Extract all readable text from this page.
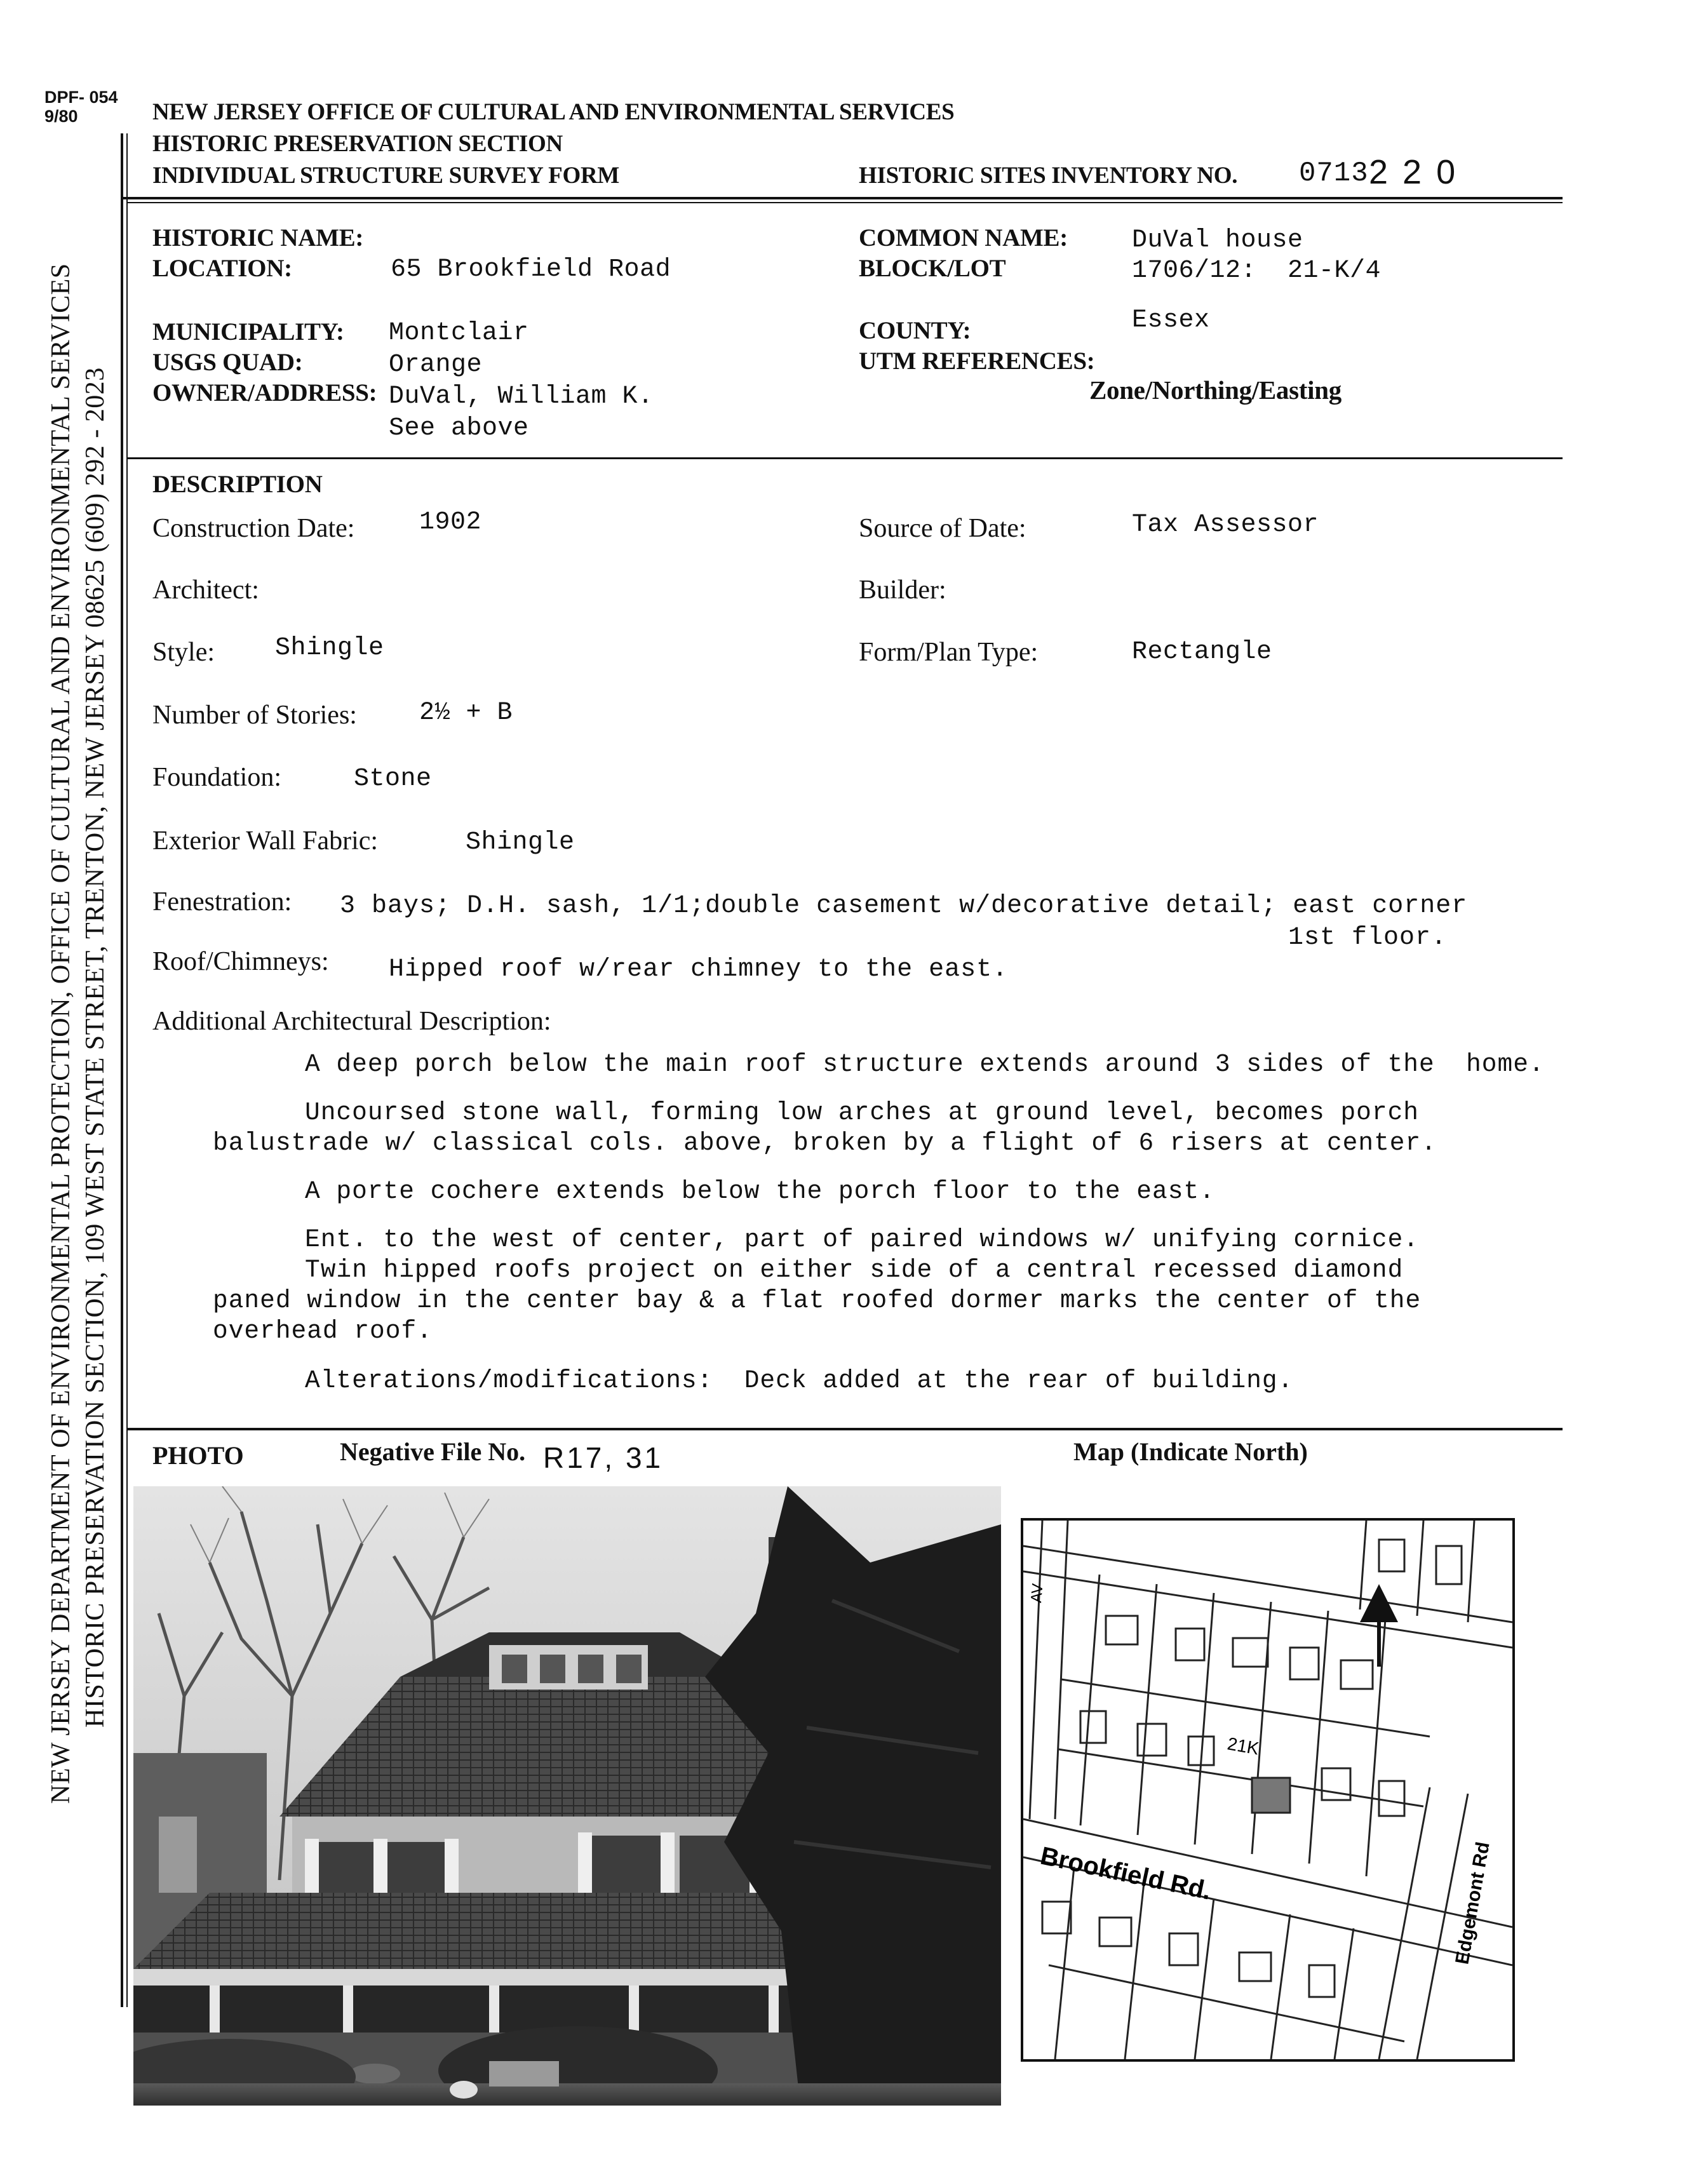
DPF- 054
9/80
NEW JERSEY DEPARTMENT OF ENVIRONMENTAL PROTECTION, OFFICE OF CULTURAL AND ENVIRONMENTAL SERVICES HISTORIC PRESERVATION SECTION, 109 WEST STATE STREET, TRENTON, NEW JERSEY 08625 (609) 292 - 2023
NEW JERSEY OFFICE OF CULTURAL AND ENVIRONMENTAL SERVICES
HISTORIC PRESERVATION SECTION
INDIVIDUAL STRUCTURE SURVEY FORM	HISTORIC SITES INVENTORY NO. 0713 2 2 0
HISTORIC NAME:
LOCATION:	65 Brookfield Road
MUNICIPALITY: Montclair
USGS QUAD:	Orange
OWNER/ADDRESS: DuVal, William K.
See above
COMMON NAME:	DuVal house
BLOCK/LOT	1706/12:  21-K/4
COUNTY:	Essex
UTM REFERENCES:
Zone/Northing/Easting
DESCRIPTION
Construction Date:	1902	Source of Date:	Tax Assessor
Architect:	Builder:
Style: Shingle	Form/Plan Type:	Rectangle
Number of Stories: 2½ + B
Foundation:	Stone
Exterior Wall Fabric:	Shingle
Fenestration: 3 bays; D.H. sash, 1/1;double casement w/decorative detail; east corner
1st floor.
Roof/Chimneys: Hipped roof w/rear chimney to the east.
Additional Architectural Description:
A deep porch below the main roof structure extends around 3 sides of the  home.
Uncoursed stone wall, forming low arches at ground level, becomes porch
balustrade w/ classical cols. above, broken by a flight of 6 risers at center.
A porte cochere extends below the porch floor to the east.
Ent. to the west of center, part of paired windows w/ unifying cornice.
Twin hipped roofs project on either side of a central recessed diamond
paned window in the center bay & a flat roofed dormer marks the center of the
overhead roof.
Alterations/modifications:  Deck added at the rear of building.
PHOTO	Negative File No. R17, 31	Map (Indicate North)
Brookfield Rd.	Edgemont Rd
21K
AV
